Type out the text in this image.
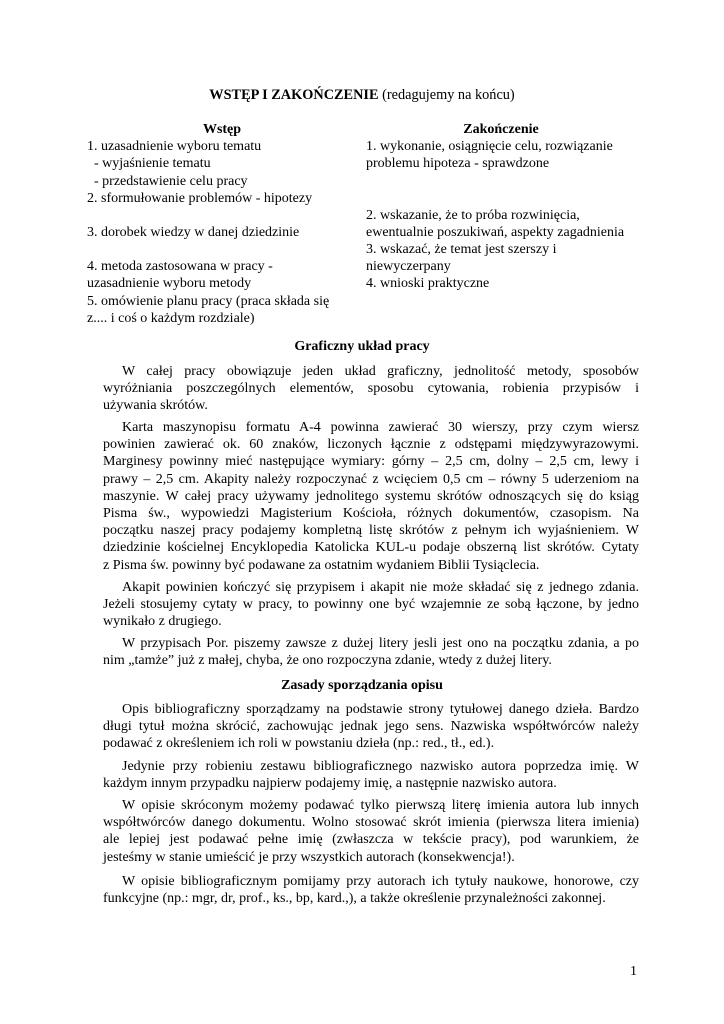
WSTĘP I ZAKOŃCZENIE (redagujemy na końcu)
Wstęp
1. uzasadnienie wyboru tematu
- wyjaśnienie tematu
- przedstawienie celu pracy
2. sformułowanie problemów - hipotezy
3. dorobek wiedzy w danej dziedzinie
4. metoda zastosowana w pracy -
uzasadnienie wyboru metody
5. omówienie planu pracy (praca składa się
z.... i coś o każdym rozdziale)
Zakończenie
1. wykonanie, osiągnięcie celu, rozwiązanie
problemu hipoteza - sprawdzone
2. wskazanie, że to próba rozwinięcia,
ewentualnie poszukiwań, aspekty zagadnienia
3. wskazać, że temat jest szerszy i
niewyczerpany
4. wnioski praktyczne
Graficzny układ pracy
W całej pracy obowiązuje jeden układ graficzny, jednolitość metody, sposobów
wyróżniania poszczególnych elementów, sposobu cytowania, robienia przypisów i
używania skrótów.
Karta maszynopisu formatu A-4 powinna zawierać 30 wierszy, przy czym wiersz
powinien zawierać ok. 60 znaków, liczonych łącznie z odstępami międzywyrazowymi.
Marginesy powinny mieć następujące wymiary: górny – 2,5 cm, dolny – 2,5 cm, lewy i
prawy – 2,5 cm. Akapity należy rozpoczynać z wcięciem 0,5 cm – równy 5 uderzeniom na
maszynie. W całej pracy używamy jednolitego systemu skrótów odnoszących się do ksiąg
Pisma św., wypowiedzi Magisterium Kościoła, różnych dokumentów, czasopism. Na
początku naszej pracy podajemy kompletną listę skrótów z pełnym ich wyjaśnieniem. W
dziedzinie kościelnej Encyklopedia Katolicka KUL-u podaje obszerną list skrótów. Cytaty
z Pisma św. powinny być podawane za ostatnim wydaniem Biblii Tysiąclecia.
Akapit powinien kończyć się przypisem i akapit nie może składać się z jednego zdania.
Jeżeli stosujemy cytaty w pracy, to powinny one być wzajemnie ze sobą łączone, by jedno
wynikało z drugiego.
W przypisach Por. piszemy zawsze z dużej litery jesli jest ono na początku zdania, a po
nim „tamże” już z małej, chyba, że ono rozpoczyna zdanie, wtedy z dużej litery.
Zasady sporządzania opisu
Opis bibliograficzny sporządzamy na podstawie strony tytułowej danego dzieła. Bardzo
długi tytuł można skrócić, zachowując jednak jego sens. Nazwiska współtwórców należy
podawać z określeniem ich roli w powstaniu dzieła (np.: red., tł., ed.).
Jedynie przy robieniu zestawu bibliograficznego nazwisko autora poprzedza imię. W
każdym innym przypadku najpierw podajemy imię, a następnie nazwisko autora.
W opisie skróconym możemy podawać tylko pierwszą literę imienia autora lub innych
współtwórców danego dokumentu. Wolno stosować skrót imienia (pierwsza litera imienia)
ale lepiej jest podawać pełne imię (zwłaszcza w tekście pracy), pod warunkiem, że
jesteśmy w stanie umieścić je przy wszystkich autorach (konsekwencja!).
W opisie bibliograficznym pomijamy przy autorach ich tytuły naukowe, honorowe, czy
funkcyjne (np.: mgr, dr, prof., ks., bp, kard.,), a także określenie przynależności zakonnej.
1
